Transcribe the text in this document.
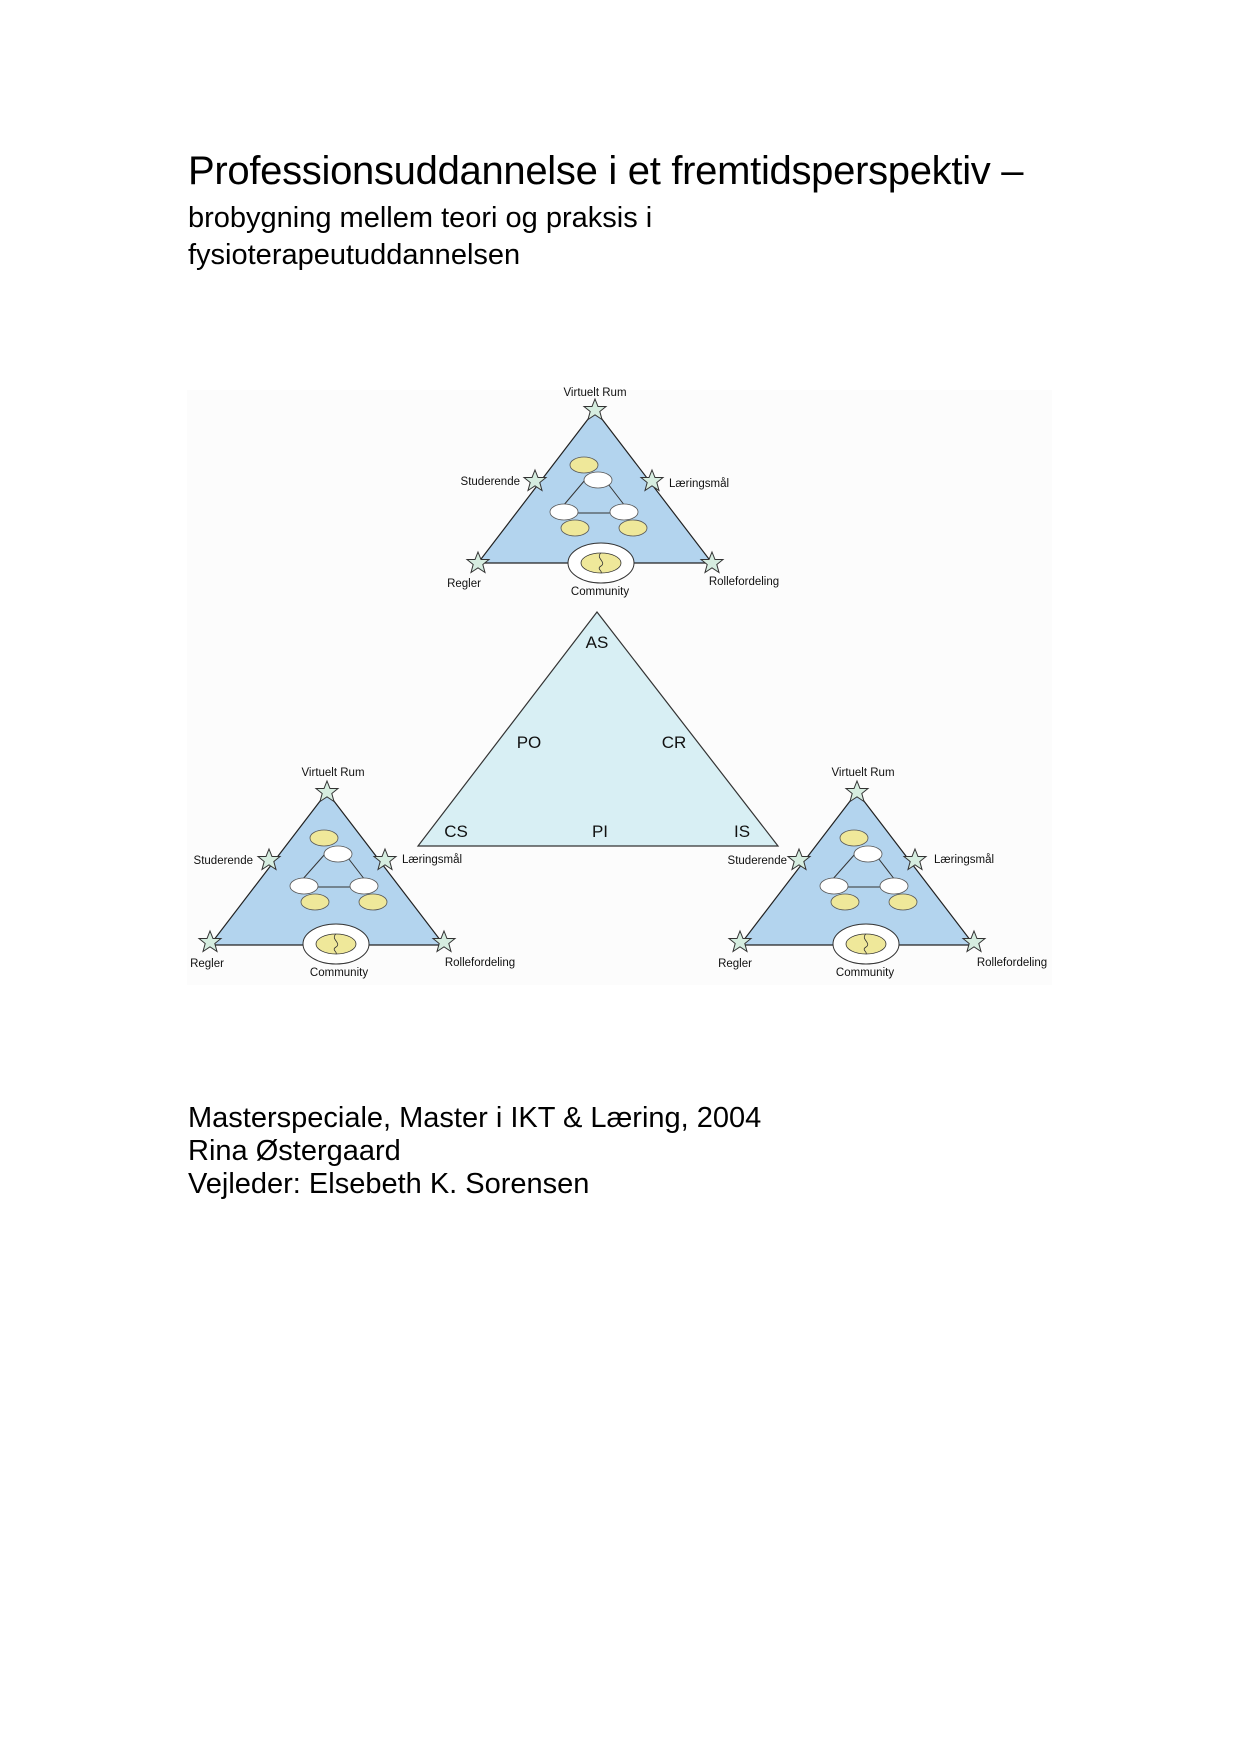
Professionsuddannelse i et fremtidsperspektiv –
brobygning mellem teori og praksis i
fysioterapeutuddannelsen
AS
PO	CR
CS	PI	IS
Virtuelt Rum
Studerende	Læringsmål
Regler
Community
Rollefordeling
Virtuelt Rum
Studerende	Læringsmål
Regler
Community
Rollefordeling
Virtuelt Rum
Studerende	Læringsmål
Regler
Community
Rollefordeling
Masterspeciale, Master i IKT & Læring, 2004
Rina Østergaard
Vejleder: Elsebeth K. Sorensen
